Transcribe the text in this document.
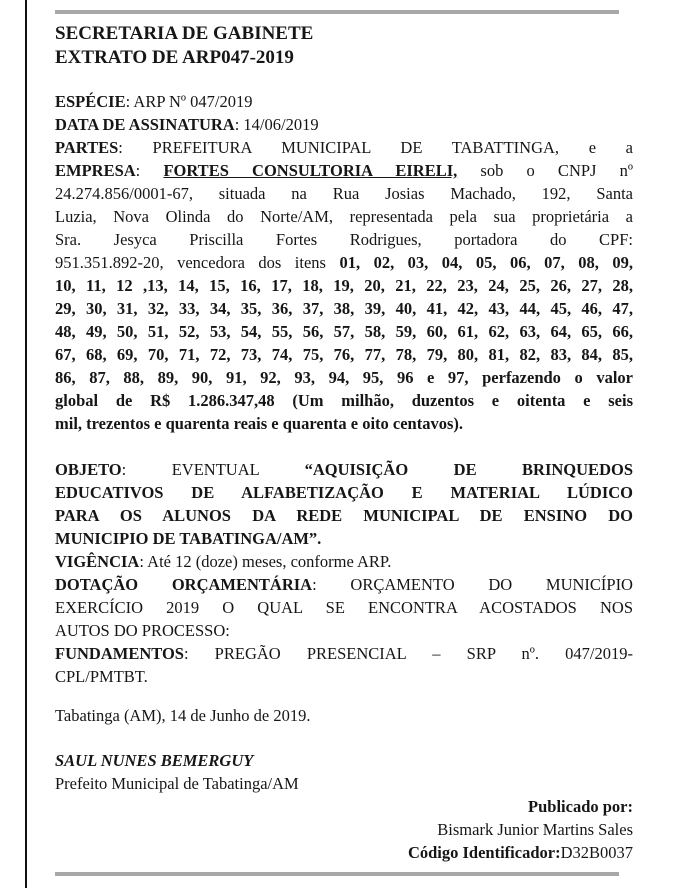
SECRETARIA DE GABINETE
EXTRATO DE ARP047-2019
ESPÉCIE: ARP Nº 047/2019
DATA DE ASSINATURA: 14/06/2019
PARTES: PREFEITURA MUNICIPAL DE TABATTINGA, e a
EMPRESA: FORTES CONSULTORIA EIRELI, sob o CNPJ nº
24.274.856/0001-67, situada na Rua Josias Machado, 192, Santa
Luzia, Nova Olinda do Norte/AM, representada pela sua proprietária a
Sra. Jesyca Priscilla Fortes Rodrigues, portadora do CPF:
951.351.892-20, vencedora dos itens 01, 02, 03, 04, 05, 06, 07, 08, 09,
10, 11, 12 ,13, 14, 15, 16, 17, 18, 19, 20, 21, 22, 23, 24, 25, 26, 27, 28,
29, 30, 31, 32, 33, 34, 35, 36, 37, 38, 39, 40, 41, 42, 43, 44, 45, 46, 47,
48, 49, 50, 51, 52, 53, 54, 55, 56, 57, 58, 59, 60, 61, 62, 63, 64, 65, 66,
67, 68, 69, 70, 71, 72, 73, 74, 75, 76, 77, 78, 79, 80, 81, 82, 83, 84, 85,
86, 87, 88, 89, 90, 91, 92, 93, 94, 95, 96 e 97, perfazendo o valor
global de R$ 1.286.347,48 (Um milhão, duzentos e oitenta e seis
mil, trezentos e quarenta reais e quarenta e oito centavos).
OBJETO: EVENTUAL “AQUISIÇÃO DE BRINQUEDOS
EDUCATIVOS DE ALFABETIZAÇÃO E MATERIAL LÚDICO
PARA OS ALUNOS DA REDE MUNICIPAL DE ENSINO DO
MUNICIPIO DE TABATINGA/AM”.
VIGÊNCIA: Até 12 (doze) meses, conforme ARP.
DOTAÇÃO ORÇAMENTÁRIA: ORÇAMENTO DO MUNICÍPIO
EXERCÍCIO 2019 O QUAL SE ENCONTRA ACOSTADOS NOS
AUTOS DO PROCESSO:
FUNDAMENTOS: PREGÃO PRESENCIAL – SRP nº. 047/2019-
CPL/PMTBT.
Tabatinga (AM), 14 de Junho de 2019.
SAUL NUNES BEMERGUY
Prefeito Municipal de Tabatinga/AM
Publicado por:
Bismark Junior Martins Sales
Código Identificador:D32B0037
